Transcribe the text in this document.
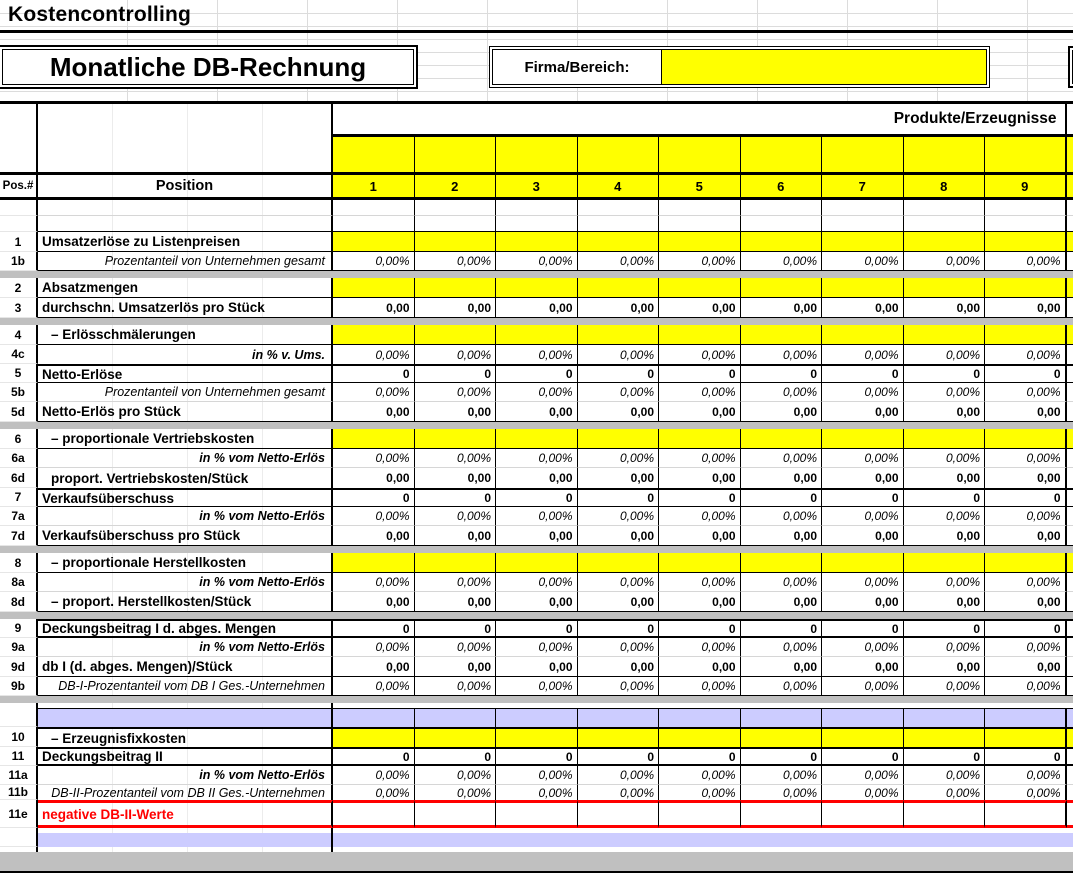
Kostencontrolling
Monatliche DB-Rechnung	Firma/Bereich:
Produkte/Erzeugnisse
Pos.#	Position	1	2	3	4	5	6	7	8	9
1	Umsatzerlöse zu Listenpreisen
1b	Prozentanteil von Unternehmen gesamt	0,00%	0,00%	0,00%	0,00%	0,00%	0,00%	0,00%	0,00%	0,00%
2	Absatzmengen
3	durchschn. Umsatzerlös pro Stück	0,00	0,00	0,00	0,00	0,00	0,00	0,00	0,00	0,00
4	– Erlösschmälerungen
4c	in % v. Ums.	0,00%	0,00%	0,00%	0,00%	0,00%	0,00%	0,00%	0,00%	0,00%
5	Netto-Erlöse	0	0	0	0	0	0	0	0	0
5b	Prozentanteil von Unternehmen gesamt	0,00%	0,00%	0,00%	0,00%	0,00%	0,00%	0,00%	0,00%	0,00%
5d	Netto-Erlös pro Stück	0,00	0,00	0,00	0,00	0,00	0,00	0,00	0,00	0,00
6	– proportionale Vertriebskosten
6a	in % vom Netto-Erlös	0,00%	0,00%	0,00%	0,00%	0,00%	0,00%	0,00%	0,00%	0,00%
6d	proport. Vertriebskosten/Stück	0,00	0,00	0,00	0,00	0,00	0,00	0,00	0,00	0,00
7	Verkaufsüberschuss	0	0	0	0	0	0	0	0	0
7a	in % vom Netto-Erlös	0,00%	0,00%	0,00%	0,00%	0,00%	0,00%	0,00%	0,00%	0,00%
7d	Verkaufsüberschuss pro Stück	0,00	0,00	0,00	0,00	0,00	0,00	0,00	0,00	0,00
8	– proportionale Herstellkosten
8a	in % vom Netto-Erlös	0,00%	0,00%	0,00%	0,00%	0,00%	0,00%	0,00%	0,00%	0,00%
8d	– proport. Herstellkosten/Stück	0,00	0,00	0,00	0,00	0,00	0,00	0,00	0,00	0,00
9	Deckungsbeitrag I d. abges. Mengen	0	0	0	0	0	0	0	0	0
9a	in % vom Netto-Erlös	0,00%	0,00%	0,00%	0,00%	0,00%	0,00%	0,00%	0,00%	0,00%
9d	db I (d. abges. Mengen)/Stück	0,00	0,00	0,00	0,00	0,00	0,00	0,00	0,00	0,00
9b	DB-I-Prozentanteil vom DB I Ges.-Unternehmen	0,00%	0,00%	0,00%	0,00%	0,00%	0,00%	0,00%	0,00%	0,00%
10	– Erzeugnisfixkosten
11	Deckungsbeitrag II	0	0	0	0	0	0	0	0	0
11a	in % vom Netto-Erlös	0,00%	0,00%	0,00%	0,00%	0,00%	0,00%	0,00%	0,00%	0,00%
11b	DB-II-Prozentanteil vom DB II Ges.-Unternehmen	0,00%	0,00%	0,00%	0,00%	0,00%	0,00%	0,00%	0,00%	0,00%
11e	negative DB-II-Werte
